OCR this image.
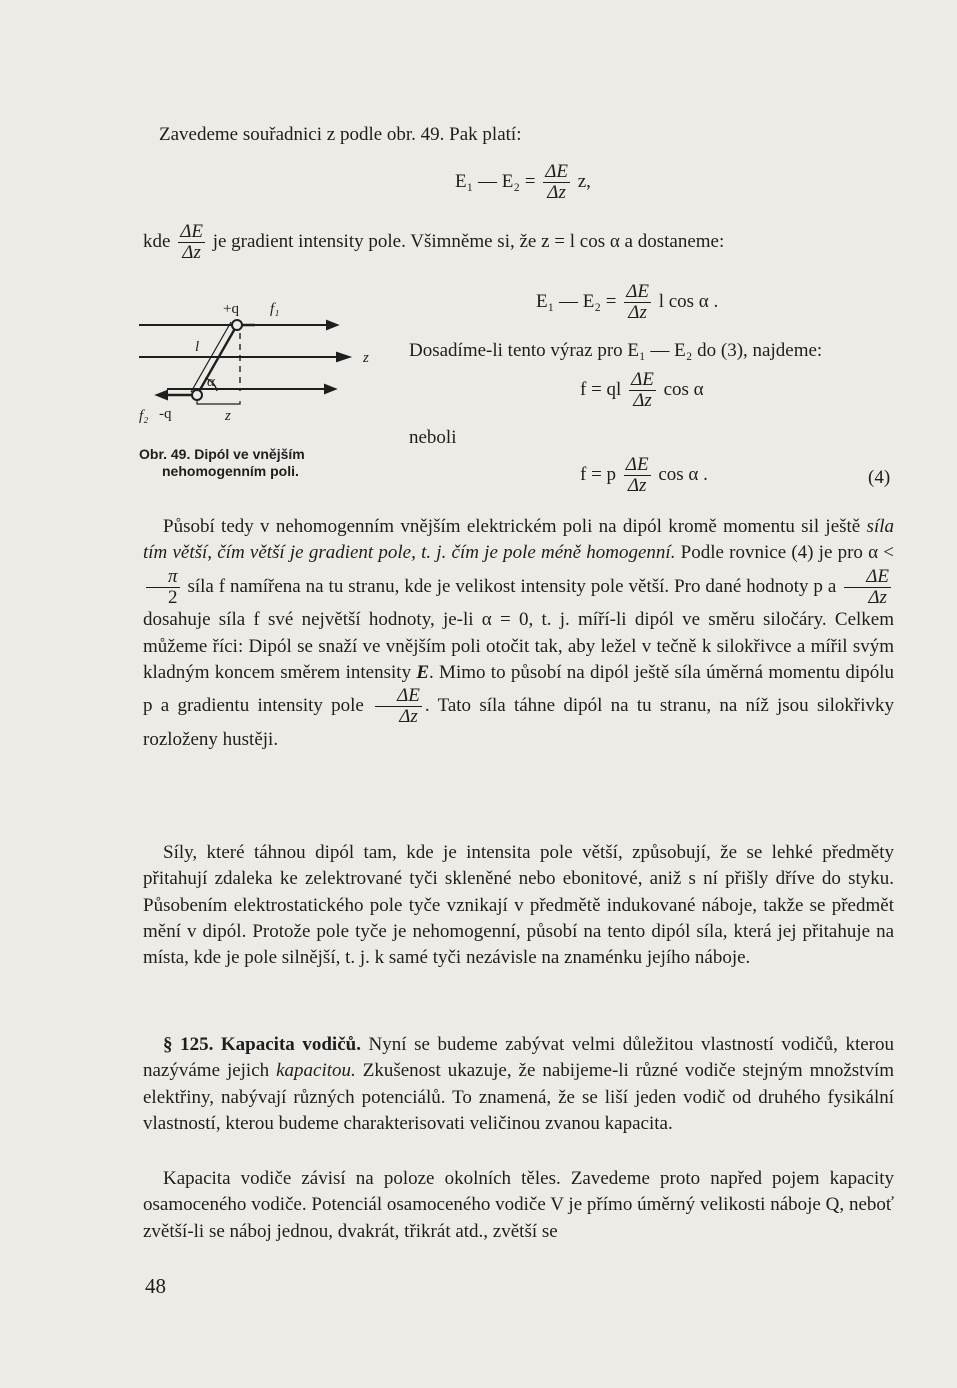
Zavedeme souřadnici z podle obr. 49. Pak platí:
E₁ — $E_2 = \frac{\Delta E}{\Delta z} z$,
kde $\frac{\Delta E}{\Delta z}$ je gradient intensity pole. Všimněme si, že z = l cos α a dostaneme:
E₁ — $E_2 = \frac{\Delta E}{\Delta z}$ l cos α .
Dosadíme-li tento výraz pro E₁ — E₂ do (3), najdeme:
f = ql $\frac{\Delta E}{\Delta z}$ cos α
neboli
f = p $\frac{\Delta E}{\Delta z}$ cos α .	(4)
+q f₁
l
α
z
f₂ -q	z
Obr. 49. Dipól ve vnějším
nehomogenním poli.
Působí tedy v nehomogenním vnějším elektrickém poli na dipól kromě momentu sil ještě síla tím větší, čím větší je gradient pole, t. j. čím je pole méně homogenní. Podle rovnice (4) je pro α <
$\frac{\pi}{2}$ síla f namířena na tu stranu, kde je velikost intensity pole větší. Pro dané hodnoty p a $\frac{\Delta E}{\Delta z}$
dosahuje síla f své největší hodnoty, je-li α = 0, t. j. míří-li dipól ve směru siločáry. Celkem můžeme říci: Dipól se snaží ve vnějším poli otočit tak, aby ležel v tečně k silokřivce a mířil svým kladným koncem směrem intensity E. Mimo to působí na dipól ještě síla úměrná momentu dipólu p a gradientu intensity pole $\frac{\Delta E}{\Delta z}$ . Tato síla táhne dipól na tu stranu, na níž jsou silokřivky rozloženy hustěji.
Síly, které táhnou dipól tam, kde je intensita pole větší, způsobují, že se lehké předměty přitahují zdaleka ke zelektrované tyči skleněné nebo ebonitové, aniž s ní přišly dříve do styku. Působením elektrostatického pole tyče vznikají v předmětě indukované náboje, takže se předmět mění v dipól. Protože pole tyče je nehomogenní, působí na tento dipól síla, která jej přitahuje na místa, kde je pole silnější, t. j. k samé tyči nezávisle na znaménku jejího náboje.
§ 125. Kapacita vodičů. Nyní se budeme zabývat velmi důležitou vlastností vodičů, kterou nazýváme jejich kapacitou. Zkušenost ukazuje, že nabijeme-li různé vodiče stejným množstvím elektřiny, nabývají různých potenciálů. To znamená, že se liší jeden vodič od druhého fysikální vlastností, kterou budeme charakterisovati veličinou zvanou kapacita.
Kapacita vodiče závisí na poloze okolních těles. Zavedeme proto napřed pojem kapacity osamoceného vodiče. Potenciál osamoceného vodiče V je přímo úměrný velikosti náboje Q, neboť zvětší-li se náboj jednou, dvakrát, třikrát atd., zvětší se
48
